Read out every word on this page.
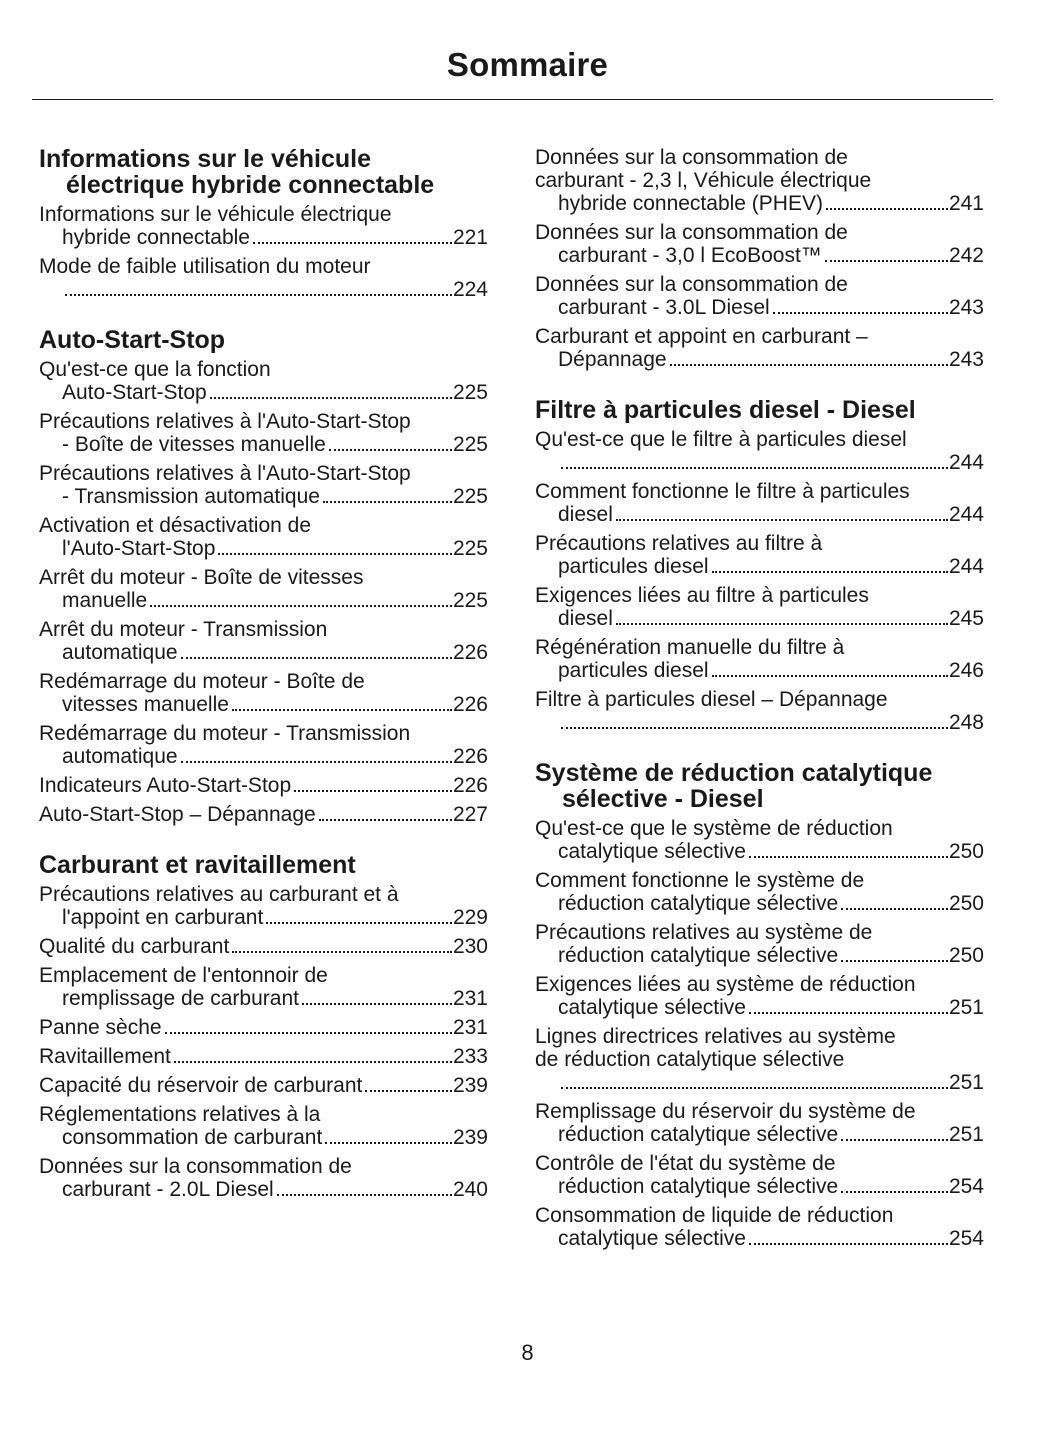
Sommaire
Informations sur le véhicule électrique hybride connectable
Informations sur le véhicule électrique
hybride connectable	221
Mode de faible utilisation du moteur
224
Auto-Start-Stop
Qu'est-ce que la fonction
Auto-Start-Stop	225
Précautions relatives à l'Auto-Start-Stop
- Boîte de vitesses manuelle	225
Précautions relatives à l'Auto-Start-Stop
- Transmission automatique	225
Activation et désactivation de
l'Auto-Start-Stop	225
Arrêt du moteur - Boîte de vitesses
manuelle	225
Arrêt du moteur - Transmission
automatique	226
Redémarrage du moteur - Boîte de
vitesses manuelle	226
Redémarrage du moteur - Transmission
automatique	226
Indicateurs Auto-Start-Stop	226
Auto-Start-Stop – Dépannage	227
Carburant et ravitaillement
Précautions relatives au carburant et à
l'appoint en carburant	229
Qualité du carburant	230
Emplacement de l'entonnoir de
remplissage de carburant	231
Panne sèche	231
Ravitaillement	233
Capacité du réservoir de carburant	239
Réglementations relatives à la
consommation de carburant	239
Données sur la consommation de
carburant - 2.0L Diesel	240
Données sur la consommation de
carburant - 2,3 l, Véhicule électrique
hybride connectable (PHEV)	241
Données sur la consommation de
carburant - 3,0 l EcoBoost™	242
Données sur la consommation de
carburant - 3.0L Diesel	243
Carburant et appoint en carburant –
Dépannage	243
Filtre à particules diesel - Diesel
Qu'est-ce que le filtre à particules diesel
244
Comment fonctionne le filtre à particules
diesel	244
Précautions relatives au filtre à
particules diesel	244
Exigences liées au filtre à particules
diesel	245
Régénération manuelle du filtre à
particules diesel	246
Filtre à particules diesel – Dépannage
248
Système de réduction catalytique sélective - Diesel
Qu'est-ce que le système de réduction
catalytique sélective	250
Comment fonctionne le système de
réduction catalytique sélective	250
Précautions relatives au système de
réduction catalytique sélective	250
Exigences liées au système de réduction
catalytique sélective	251
Lignes directrices relatives au système
de réduction catalytique sélective
251
Remplissage du réservoir du système de
réduction catalytique sélective	251
Contrôle de l'état du système de
réduction catalytique sélective	254
Consommation de liquide de réduction
catalytique sélective	254
8
